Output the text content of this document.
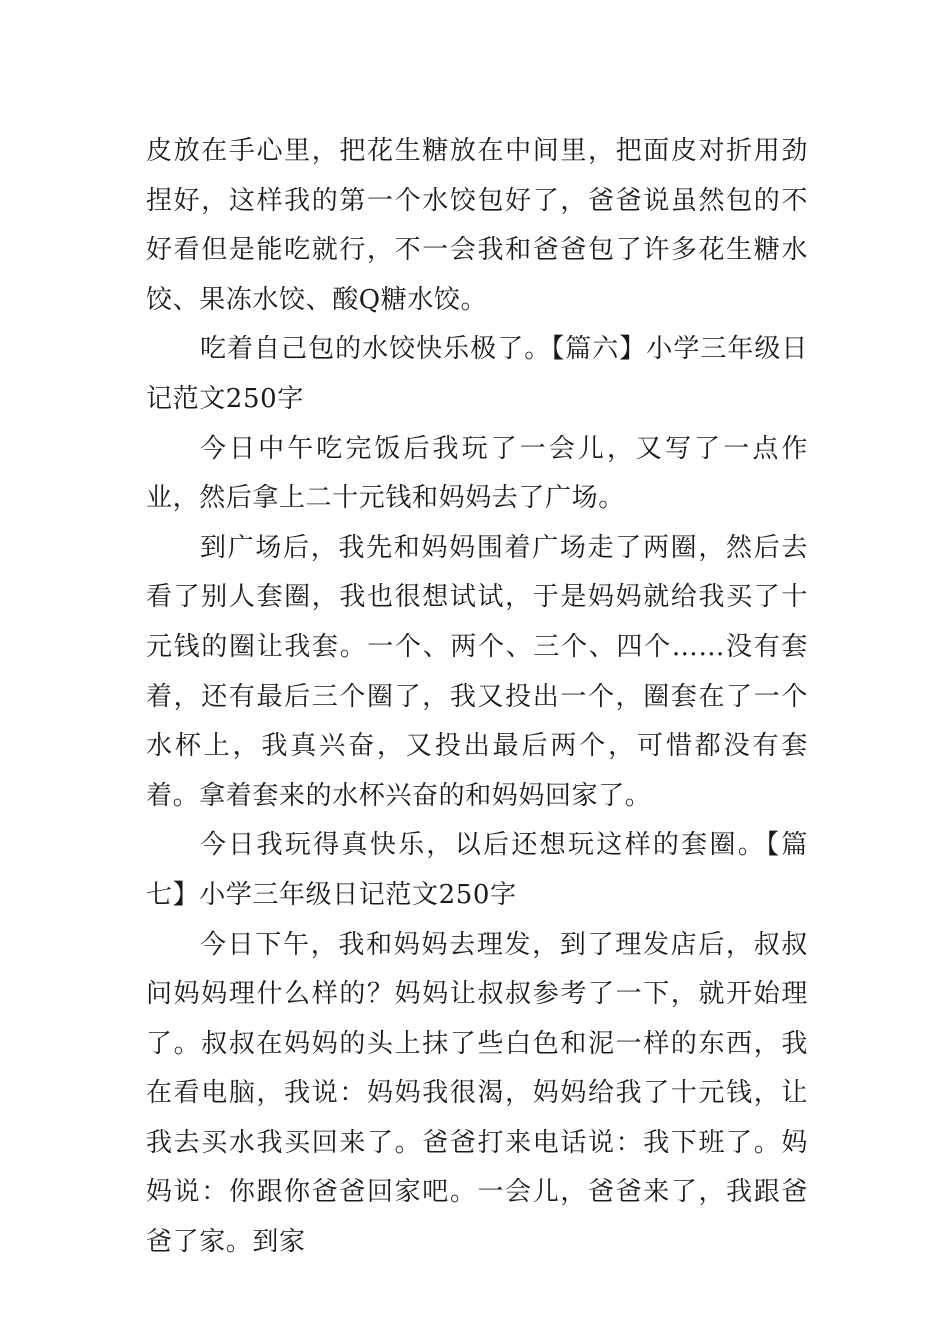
皮放在手心里，把花生糖放在中间里，把面皮对折用劲捏好，这样我的第一个水饺包好了，爸爸说虽然包的不好看但是能吃就行，不一会我和爸爸包了许多花生糖水饺、果冻水饺、酸Q糖水饺。

吃着自己包的水饺快乐极了。【篇六】小学三年级日记范文250字

今日中午吃完饭后我玩了一会儿，又写了一点作业，然后拿上二十元钱和妈妈去了广场。

到广场后，我先和妈妈围着广场走了两圈，然后去看了别人套圈，我也很想试试，于是妈妈就给我买了十元钱的圈让我套。一个、两个、三个、四个……没有套着，还有最后三个圈了，我又投出一个，圈套在了一个水杯上，我真兴奋，又投出最后两个，可惜都没有套着。拿着套来的水杯兴奋的和妈妈回家了。

今日我玩得真快乐，以后还想玩这样的套圈。【篇七】小学三年级日记范文250字

今日下午，我和妈妈去理发，到了理发店后，叔叔问妈妈理什么样的？妈妈让叔叔参考了一下，就开始理了。叔叔在妈妈的头上抹了些白色和泥一样的东西，我在看电脑，我说：妈妈我很渴，妈妈给我了十元钱，让我去买水我买回来了。爸爸打来电话说：我下班了。妈妈说：你跟你爸爸回家吧。一会儿，爸爸来了，我跟爸爸了家。到家
